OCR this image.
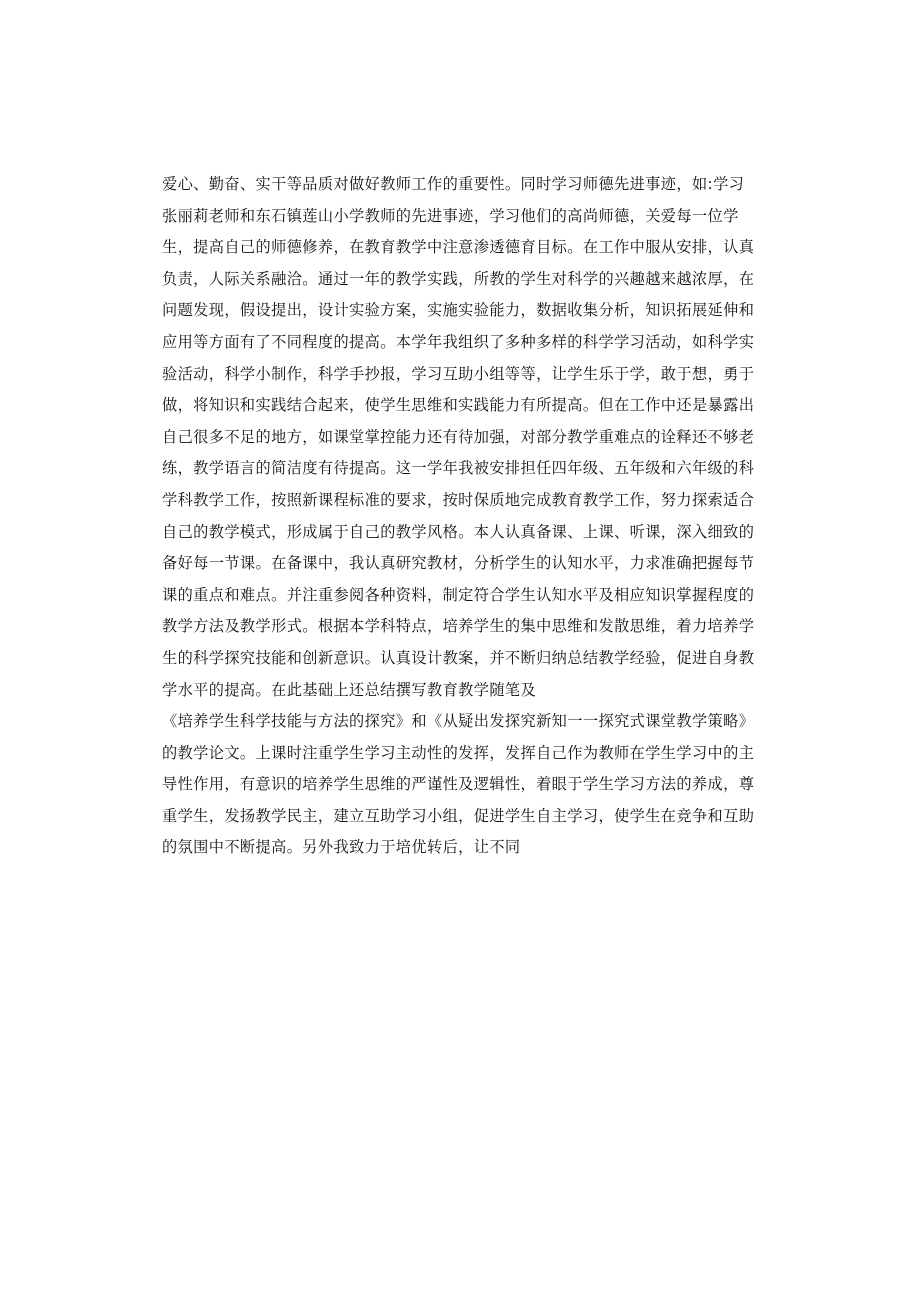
爱心、勤奋、实干等品质对做好教师工作的重要性。同时学习师德先进事迹，如:学习
张丽莉老师和东石镇莲山小学教师的先进事迹，学习他们的高尚师德，关爱每一位学
生，提高自己的师德修养，在教育教学中注意渗透德育目标。在工作中服从安排，认真
负责，人际关系融洽。通过一年的教学实践，所教的学生对科学的兴趣越来越浓厚，在
问题发现，假设提出，设计实验方案，实施实验能力，数据收集分析，知识拓展延伸和
应用等方面有了不同程度的提高。本学年我组织了多种多样的科学学习活动，如科学实
验活动，科学小制作，科学手抄报，学习互助小组等等，让学生乐于学，敢于想，勇于
做，将知识和实践结合起来，使学生思维和实践能力有所提高。但在工作中还是暴露出
自己很多不足的地方，如课堂掌控能力还有待加强，对部分教学重难点的诠释还不够老
练，教学语言的简洁度有待提高。这一学年我被安排担任四年级、五年级和六年级的科
学科教学工作，按照新课程标准的要求，按时保质地完成教育教学工作，努力探索适合
自己的教学模式，形成属于自己的教学风格。本人认真备课、上课、听课，深入细致的
备好每一节课。在备课中，我认真研究教材，分析学生的认知水平，力求准确把握每节
课的重点和难点。并注重参阅各种资料，制定符合学生认知水平及相应知识掌握程度的
教学方法及教学形式。根据本学科特点，培养学生的集中思维和发散思维，着力培养学
生的科学探究技能和创新意识。认真设计教案，并不断归纳总结教学经验，促进自身教
学水平的提高。在此基础上还总结撰写教育教学随笔及
《培养学生科学技能与方法的探究》和《从疑出发探究新知一一探究式课堂教学策略》
的教学论文。上课时注重学生学习主动性的发挥，发挥自己作为教师在学生学习中的主
导性作用，有意识的培养学生思维的严谨性及逻辑性，着眼于学生学习方法的养成，尊
重学生，发扬教学民主，建立互助学习小组，促进学生自主学习，使学生在竞争和互助
的氛围中不断提高。另外我致力于培优转后，让不同
